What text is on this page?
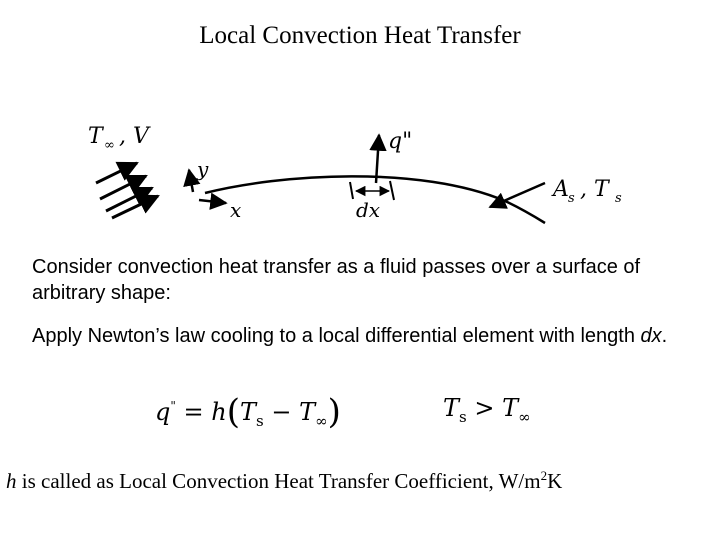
Local Convection Heat Transfer
T ∞ , V
y
x	dx
q"
A s , T s
Consider convection heat transfer as a fluid passes over a surface of arbitrary shape:
Apply Newton’s law cooling to a local differential element with length dx.
$q^" = h(T_s - T_\infty)$	$T_s > T_\infty$
h is called as Local Convection Heat Transfer Coefficient, $W/m^2K$
